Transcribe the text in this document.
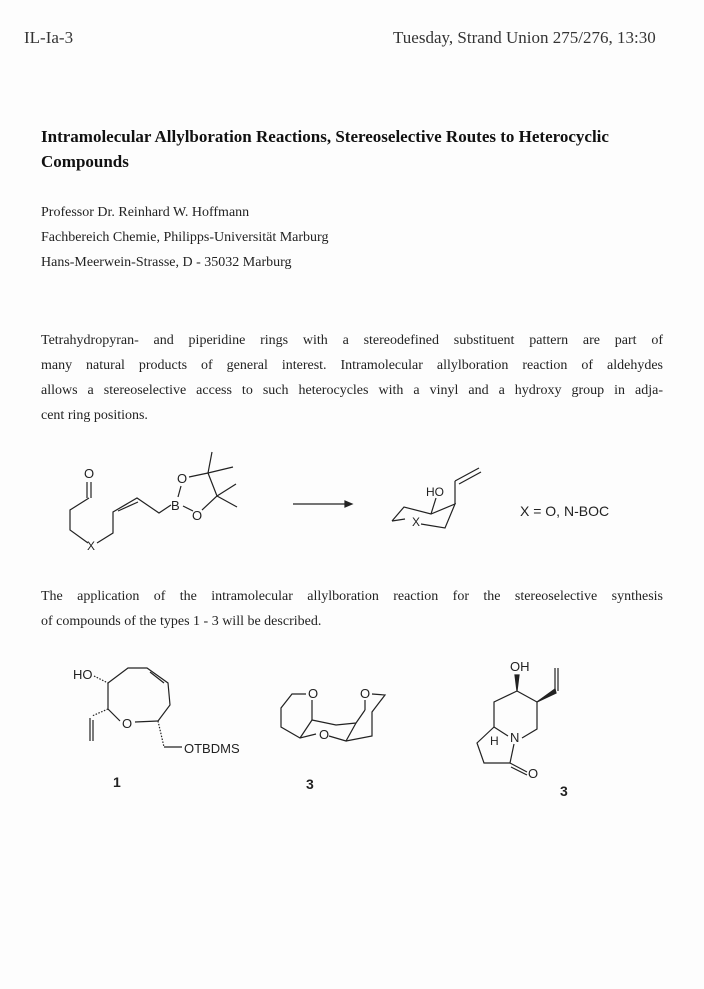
IL-Ia-3	Tuesday, Strand Union 275/276, 13:30
Intramolecular Allylboration Reactions, Stereoselective Routes to Heterocyclic Compounds
Professor Dr. Reinhard W. Hoffmann
Fachbereich Chemie, Philipps-Universität Marburg
Hans-Meerwein-Strasse, D - 35032 Marburg
Tetrahydropyran- and piperidine rings with a stereodefined substituent pattern are part of
many natural products of general interest. Intramolecular allylboration reaction of aldehydes
allows a stereoselective access to such heterocycles with a vinyl and a hydroxy group in adja-
cent ring positions.
O
X
B
O
O	X
HO
X = O, N-BOC
The application of the intramolecular allylboration reaction for the stereoselective synthesis
of compounds of the types 1 - 3 will be described.
HO
O
OTBDMS
1
O
O
O
3
OH
N
H
O
3
